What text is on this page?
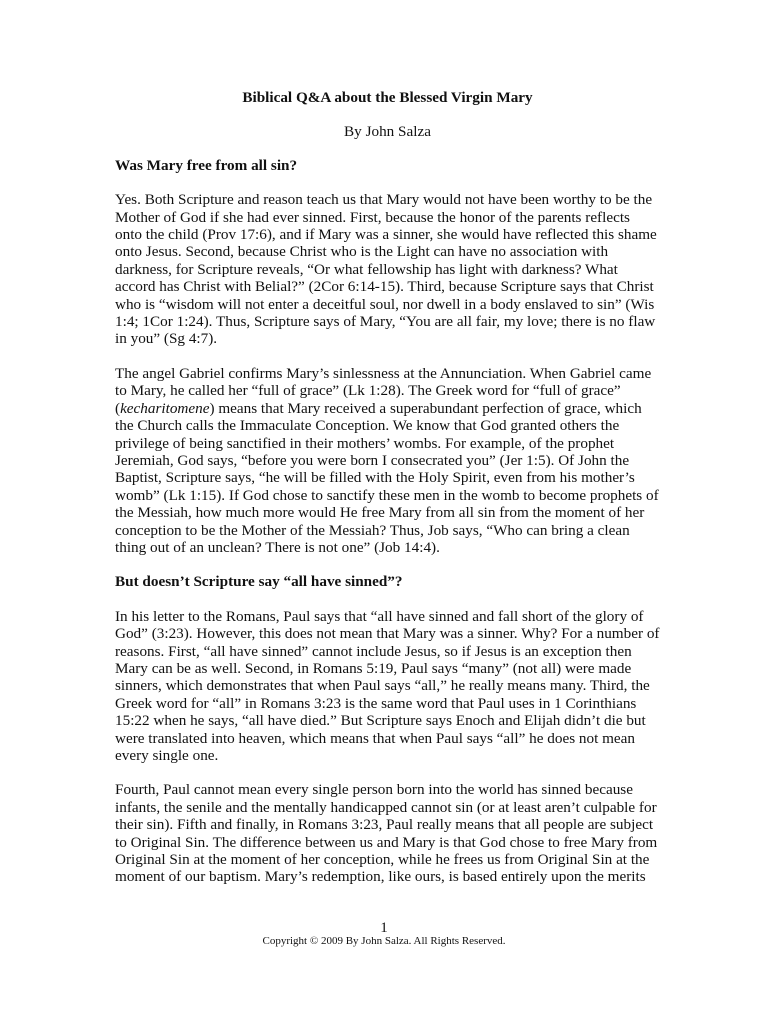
Biblical Q&A about the Blessed Virgin Mary
By John Salza
Was Mary free from all sin?
Yes. Both Scripture and reason teach us that Mary would not have been worthy to be the Mother of God if she had ever sinned. First, because the honor of the parents reflects onto the child (Prov 17:6), and if Mary was a sinner, she would have reflected this shame onto Jesus. Second, because Christ who is the Light can have no association with darkness, for Scripture reveals, “Or what fellowship has light with darkness? What accord has Christ with Belial?” (2Cor 6:14-15). Third, because Scripture says that Christ who is “wisdom will not enter a deceitful soul, nor dwell in a body enslaved to sin” (Wis 1:4; 1Cor 1:24). Thus, Scripture says of Mary, “You are all fair, my love; there is no flaw in you” (Sg 4:7).
The angel Gabriel confirms Mary’s sinlessness at the Annunciation. When Gabriel came to Mary, he called her “full of grace” (Lk 1:28). The Greek word for “full of grace” (kecharitomene) means that Mary received a superabundant perfection of grace, which the Church calls the Immaculate Conception. We know that God granted others the privilege of being sanctified in their mothers’ wombs. For example, of the prophet Jeremiah, God says, “before you were born I consecrated you” (Jer 1:5). Of John the Baptist, Scripture says, “he will be filled with the Holy Spirit, even from his mother’s womb” (Lk 1:15). If God chose to sanctify these men in the womb to become prophets of the Messiah, how much more would He free Mary from all sin from the moment of her conception to be the Mother of the Messiah? Thus, Job says, “Who can bring a clean thing out of an unclean? There is not one” (Job 14:4).
But doesn’t Scripture say “all have sinned”?
In his letter to the Romans, Paul says that “all have sinned and fall short of the glory of God” (3:23). However, this does not mean that Mary was a sinner. Why? For a number of reasons. First, “all have sinned” cannot include Jesus, so if Jesus is an exception then Mary can be as well. Second, in Romans 5:19, Paul says “many” (not all) were made sinners, which demonstrates that when Paul says “all,” he really means many. Third, the Greek word for “all” in Romans 3:23 is the same word that Paul uses in 1 Corinthians 15:22 when he says, “all have died.” But Scripture says Enoch and Elijah didn’t die but were translated into heaven, which means that when Paul says “all” he does not mean every single one.
Fourth, Paul cannot mean every single person born into the world has sinned because infants, the senile and the mentally handicapped cannot sin (or at least aren’t culpable for their sin). Fifth and finally, in Romans 3:23, Paul really means that all people are subject to Original Sin. The difference between us and Mary is that God chose to free Mary from Original Sin at the moment of her conception, while he frees us from Original Sin at the moment of our baptism. Mary’s redemption, like ours, is based entirely upon the merits
1
Copyright © 2009 By John Salza. All Rights Reserved.
